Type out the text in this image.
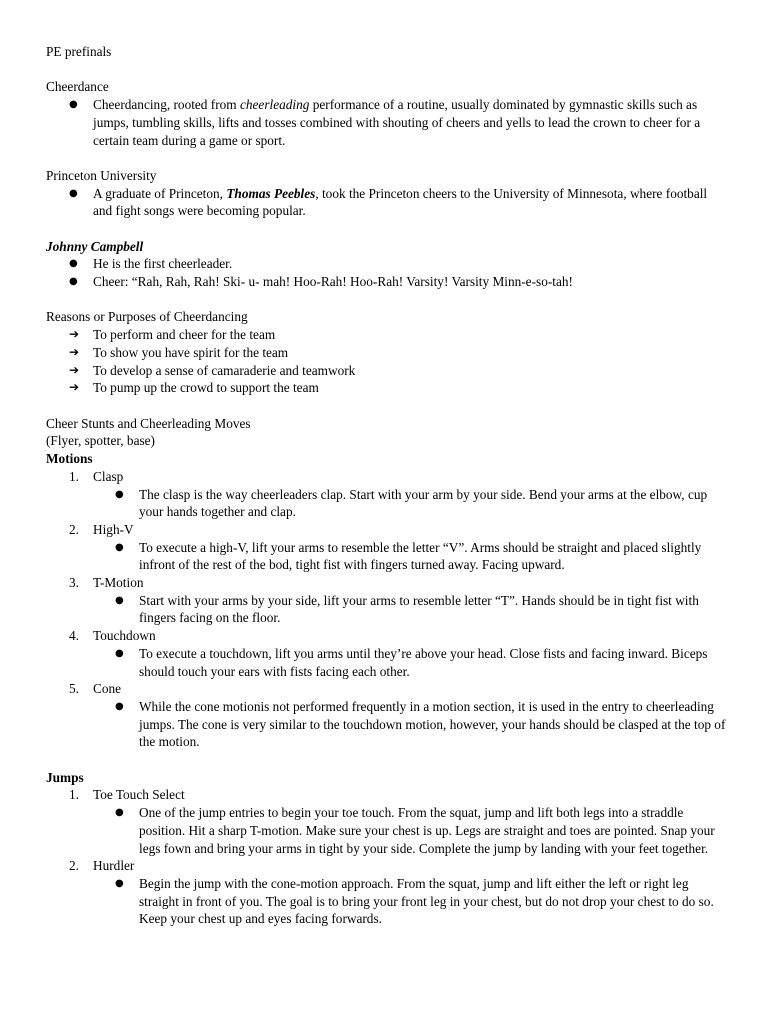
PE prefinals

Cheerdance

● Cheerdancing, rooted from cheerleading performance of a routine, usually dominated by gymnastic skills such as jumps, tumbling skills, lifts and tosses combined with shouting of cheers and yells to lead the crown to cheer for a certain team during a game or sport.

Princeton University

● A graduate of Princeton, Thomas Peebles, took the Princeton cheers to the University of Minnesota, where football and fight songs were becoming popular.

Johnny Campbell

● He is the first cheerleader.
● Cheer: “Rah, Rah, Rah! Ski- u- mah! Hoo-Rah! Hoo-Rah! Varsity! Varsity Minn-e-so-tah!

Reasons or Purposes of Cheerdancing

➔ To perform and cheer for the team
➔ To show you have spirit for the team
➔ To develop a sense of camaraderie and teamwork
➔ To pump up the crowd to support the team

Cheer Stunts and Cheerleading Moves

(Flyer, spotter, base)

Motions

1. Clasp
● The clasp is the way cheerleaders clap. Start with your arm by your side. Bend your arms at the elbow, cup your hands together and clap.
2. High-V
● To execute a high-V, lift your arms to resemble the letter “V”. Arms should be straight and placed slightly infront of the rest of the bod, tight fist with fingers turned away. Facing upward.
3. T-Motion
● Start with your arms by your side, lift your arms to resemble letter “T”. Hands should be in tight fist with fingers facing on the floor.
4. Touchdown
● To execute a touchdown, lift you arms until they’re above your head. Close fists and facing inward. Biceps should touch your ears with fists facing each other.
5. Cone
● While the cone motionis not performed frequently in a motion section, it is used in the entry to cheerleading jumps. The cone is very similar to the touchdown motion, however, your hands should be clasped at the top of the motion.

Jumps

1. Toe Touch Select
● One of the jump entries to begin your toe touch. From the squat, jump and lift both legs into a straddle position. Hit a sharp T-motion. Make sure your chest is up. Legs are straight and toes are pointed. Snap your legs fown and bring your arms in tight by your side. Complete the jump by landing with your feet together.
2. Hurdler
● Begin the jump with the cone-motion approach. From the squat, jump and lift either the left or right leg straight in front of you. The goal is to bring your front leg in your chest, but do not drop your chest to do so. Keep your chest up and eyes facing forwards.
